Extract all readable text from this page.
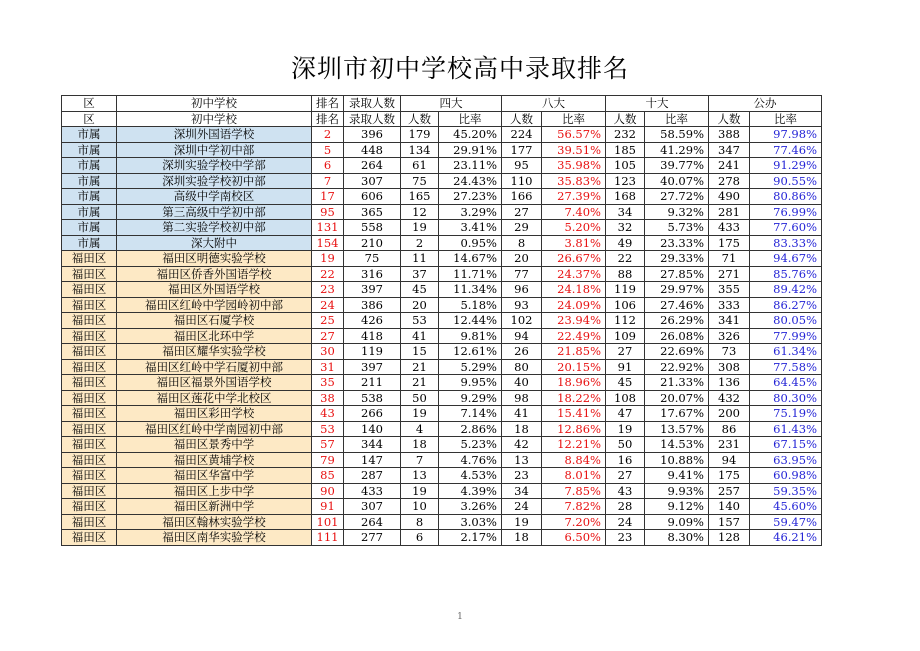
深圳市初中学校高中录取排名
区	初中学校	排名	录取人数	四大		八大		十大		公办	
区	初中学校	排名	录取人数	人数	比率	人数	比率	人数	比率	人数	比率
市属	深圳外国语学校	2	396	179	45.20%	224	56.57%	232	58.59%	388	97.98%
市属	深圳中学初中部	5	448	134	29.91%	177	39.51%	185	41.29%	347	77.46%
市属	深圳实验学校中学部	6	264	61	23.11%	95	35.98%	105	39.77%	241	91.29%
市属	深圳实验学校初中部	7	307	75	24.43%	110	35.83%	123	40.07%	278	90.55%
市属	高级中学南校区	17	606	165	27.23%	166	27.39%	168	27.72%	490	80.86%
市属	第三高级中学初中部	95	365	12	3.29%	27	7.40%	34	9.32%	281	76.99%
市属	第二实验学校初中部	131	558	19	3.41%	29	5.20%	32	5.73%	433	77.60%
市属	深大附中	154	210	2	0.95%	8	3.81%	49	23.33%	175	83.33%
福田区	福田区明德实验学校	19	75	11	14.67%	20	26.67%	22	29.33%	71	94.67%
福田区	福田区侨香外国语学校	22	316	37	11.71%	77	24.37%	88	27.85%	271	85.76%
福田区	福田区外国语学校	23	397	45	11.34%	96	24.18%	119	29.97%	355	89.42%
福田区	福田区红岭中学园岭初中部	24	386	20	5.18%	93	24.09%	106	27.46%	333	86.27%
福田区	福田区石厦学校	25	426	53	12.44%	102	23.94%	112	26.29%	341	80.05%
福田区	福田区北环中学	27	418	41	9.81%	94	22.49%	109	26.08%	326	77.99%
福田区	福田区耀华实验学校	30	119	15	12.61%	26	21.85%	27	22.69%	73	61.34%
福田区	福田区红岭中学石厦初中部	31	397	21	5.29%	80	20.15%	91	22.92%	308	77.58%
福田区	福田区福景外国语学校	35	211	21	9.95%	40	18.96%	45	21.33%	136	64.45%
福田区	福田区莲花中学北校区	38	538	50	9.29%	98	18.22%	108	20.07%	432	80.30%
福田区	福田区彩田学校	43	266	19	7.14%	41	15.41%	47	17.67%	200	75.19%
福田区	福田区红岭中学南园初中部	53	140	4	2.86%	18	12.86%	19	13.57%	86	61.43%
福田区	福田区景秀中学	57	344	18	5.23%	42	12.21%	50	14.53%	231	67.15%
福田区	福田区黄埔学校	79	147	7	4.76%	13	8.84%	16	10.88%	94	63.95%
福田区	福田区华富中学	85	287	13	4.53%	23	8.01%	27	9.41%	175	60.98%
福田区	福田区上步中学	90	433	19	4.39%	34	7.85%	43	9.93%	257	59.35%
福田区	福田区新洲中学	91	307	10	3.26%	24	7.82%	28	9.12%	140	45.60%
福田区	福田区翰林实验学校	101	264	8	3.03%	19	7.20%	24	9.09%	157	59.47%
福田区	福田区南华实验学校	111	277	6	2.17%	18	6.50%	23	8.30%	128	46.21%
1
